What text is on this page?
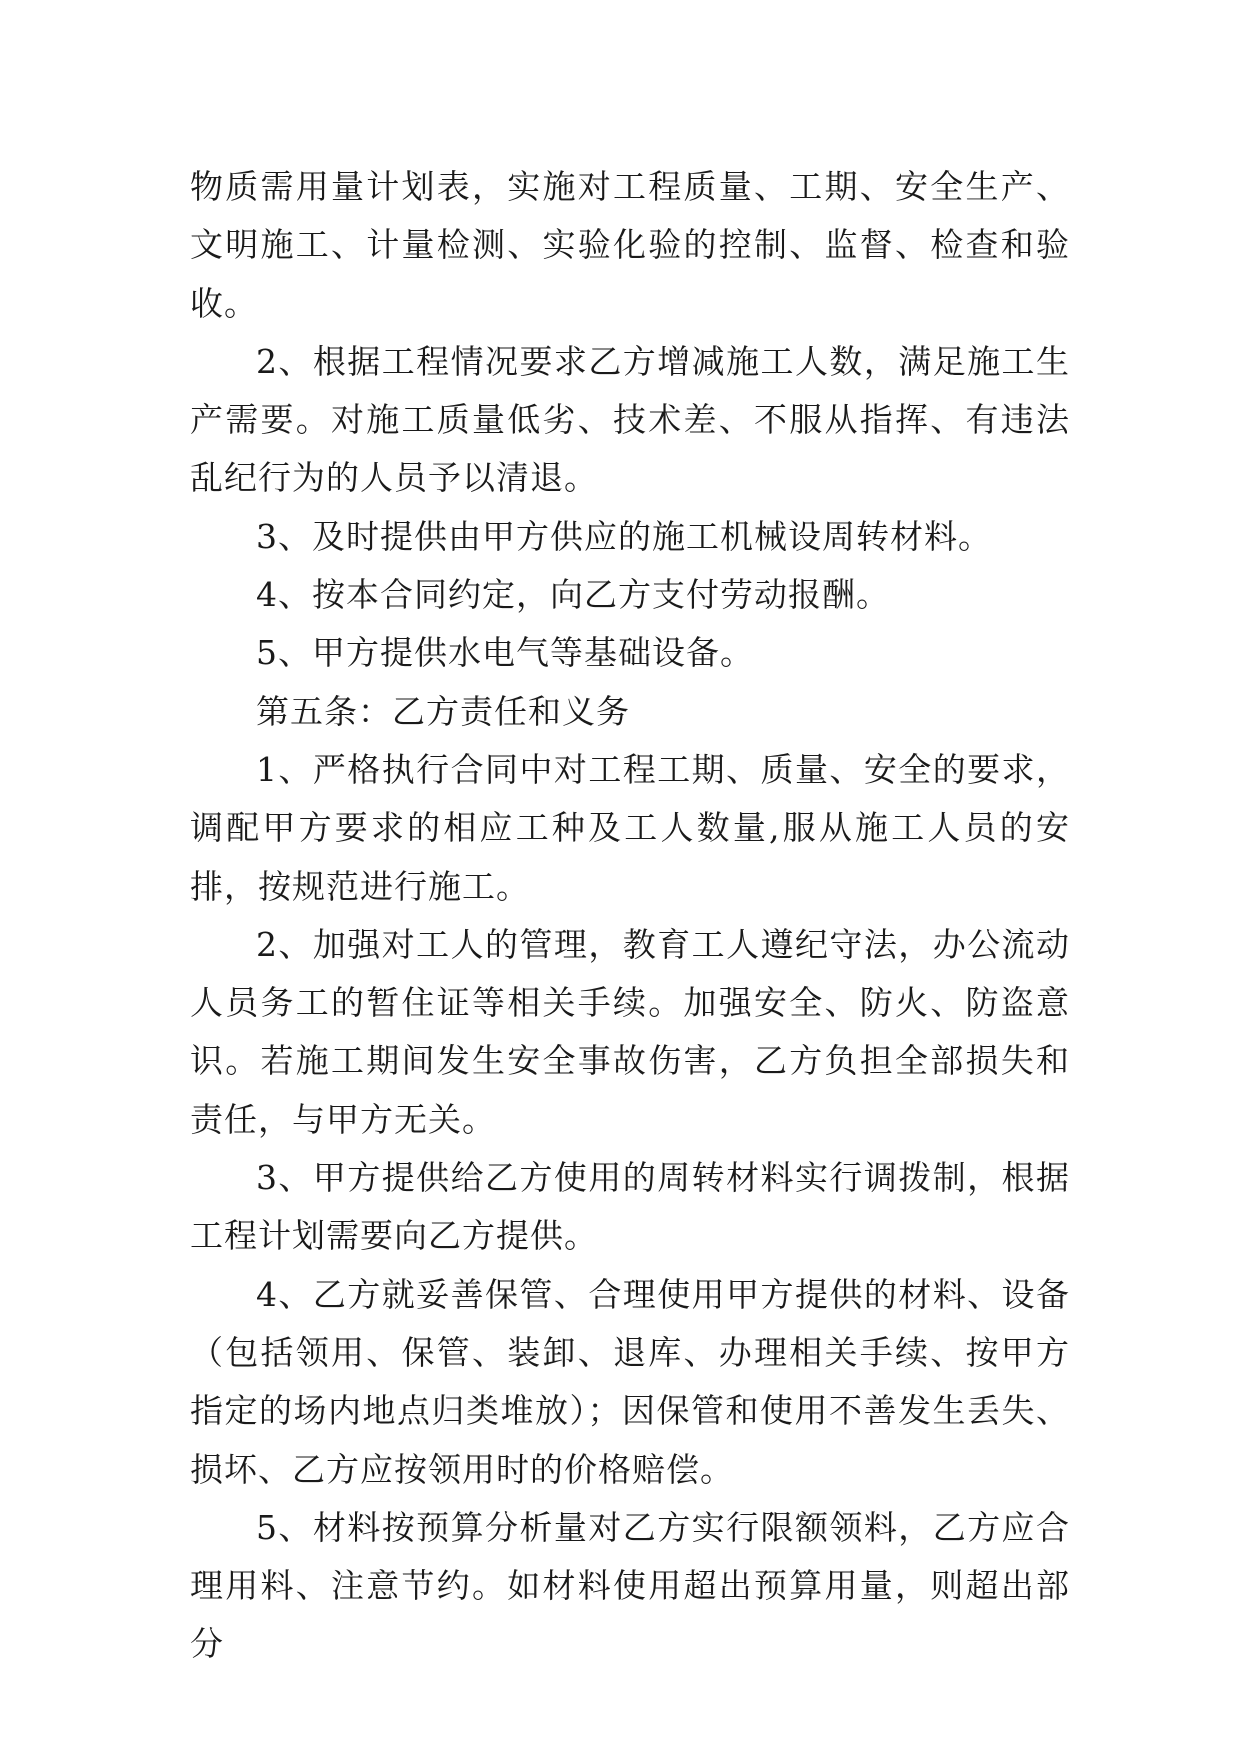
物质需用量计划表，实施对工程质量、工期、安全生产、文明施工、计量检测、实验化验的控制、监督、检查和验收。

2、根据工程情况要求乙方增减施工人数，满足施工生产需要。对施工质量低劣、技术差、不服从指挥、有违法乱纪行为的人员予以清退。

3、及时提供由甲方供应的施工机械设周转材料。

4、按本合同约定，向乙方支付劳动报酬。

5、甲方提供水电气等基础设备。

第五条：乙方责任和义务

1、严格执行合同中对工程工期、质量、安全的要求，调配甲方要求的相应工种及工人数量,服从施工人员的安排，按规范进行施工。

2、加强对工人的管理，教育工人遵纪守法，办公流动人员务工的暂住证等相关手续。加强安全、防火、防盗意识。若施工期间发生安全事故伤害，乙方负担全部损失和责任，与甲方无关。

3、甲方提供给乙方使用的周转材料实行调拨制，根据工程计划需要向乙方提供。

4、乙方就妥善保管、合理使用甲方提供的材料、设备（包括领用、保管、装卸、退库、办理相关手续、按甲方指定的场内地点归类堆放）；因保管和使用不善发生丢失、损坏、乙方应按领用时的价格赔偿。

5、材料按预算分析量对乙方实行限额领料，乙方应合理用料、注意节约。如材料使用超出预算用量，则超出部分
